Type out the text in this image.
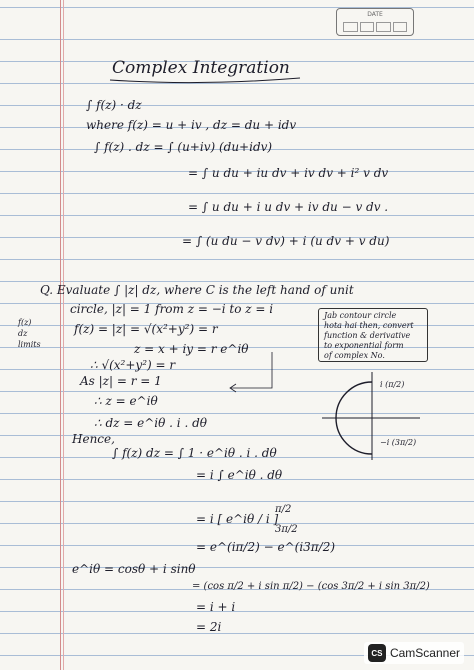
DATE
Complex Integration
∫ f(z) · dz
where f(z) = u + iv , dz = du + idv
∫ f(z) . dz = ∫ (u+iv) (du+idv)
= ∫ u du + iu dv + iv dv + i² v dv
= ∫ u du + i u dv + iv du − v dv .
= ∫ (u du − v dv) + i (u dv + v du)
Q. Evaluate ∫ |z| dz, where C is the left hand of unit
circle, |z| = 1 from z = −i to z = i
f(z)
dz
limits
f(z) = |z| = √(x²+y²) = r
z = x + iy = r e^iθ
∴ √(x²+y²) = r
As |z| = r = 1
∴ z = e^iθ
∴ dz = e^iθ . i . dθ
Hence,
∫ f(z) dz = ∫ 1 · e^iθ . i . dθ
= i ∫ e^iθ . dθ
= i [ e^iθ / i ]
π/2
3π/2
= e^(iπ/2) − e^(i3π/2)
e^iθ = cosθ + i sinθ
= (cos π/2 + i sin π/2) − (cos 3π/2 + i sin 3π/2)
= i + i
= 2i
Jab contour circle
hota hai then, convert
function & derivative
to exponential form
of complex No.
i (π/2)
−i (3π/2)
CS CamScanner
